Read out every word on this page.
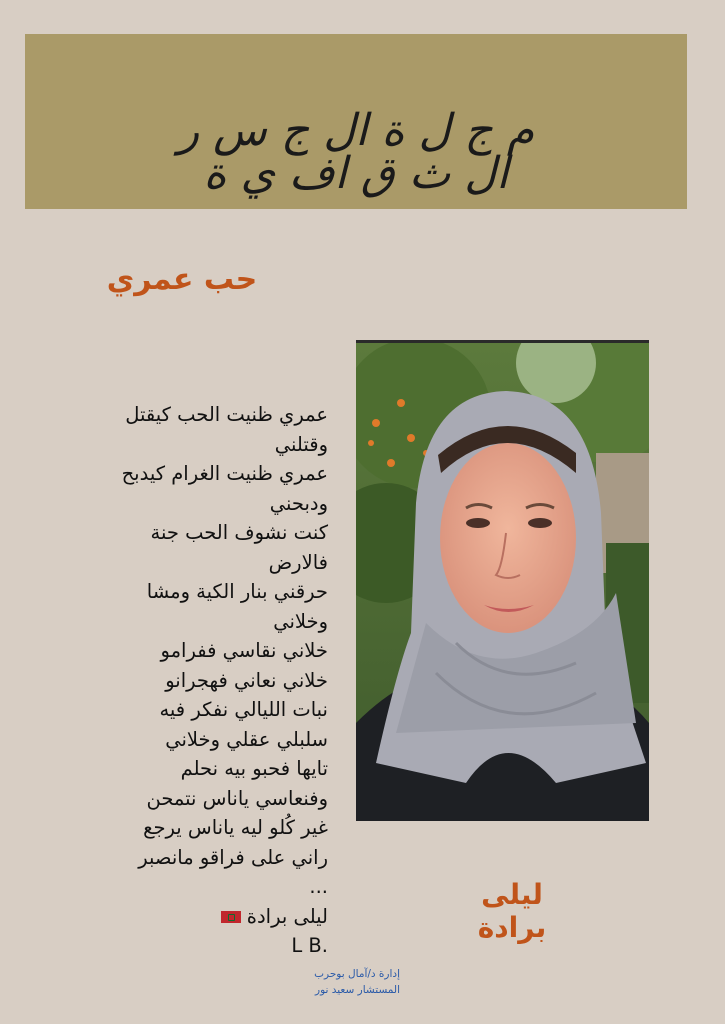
م ج ل ة ال ج س ر
ال ث ق اف ي ة
حب عمري
عمري ظنيت الحب كيقتل
وقتلني
عمري ظنيت الغرام كيدبح
ودبحني
كنت نشوف الحب جنة
فالارض
حرقني بنار الكية ومشا
وخلاني
خلاني نقاسي ففرامو
خلاني نعاني فهجرانو
نبات الليالي نفكر فيه
سلبلي عقلي وخلاني
تايها فحبو بيه نحلم
وفنعاسي ياناس نتمحن
غير كُلو ليه ياناس يرجع
راني على فراقو مانصبر
...
ليلى برادة
.L B
ليلى برادة
إدارة د/آمال بوحرب
المستشار سعيد نور
